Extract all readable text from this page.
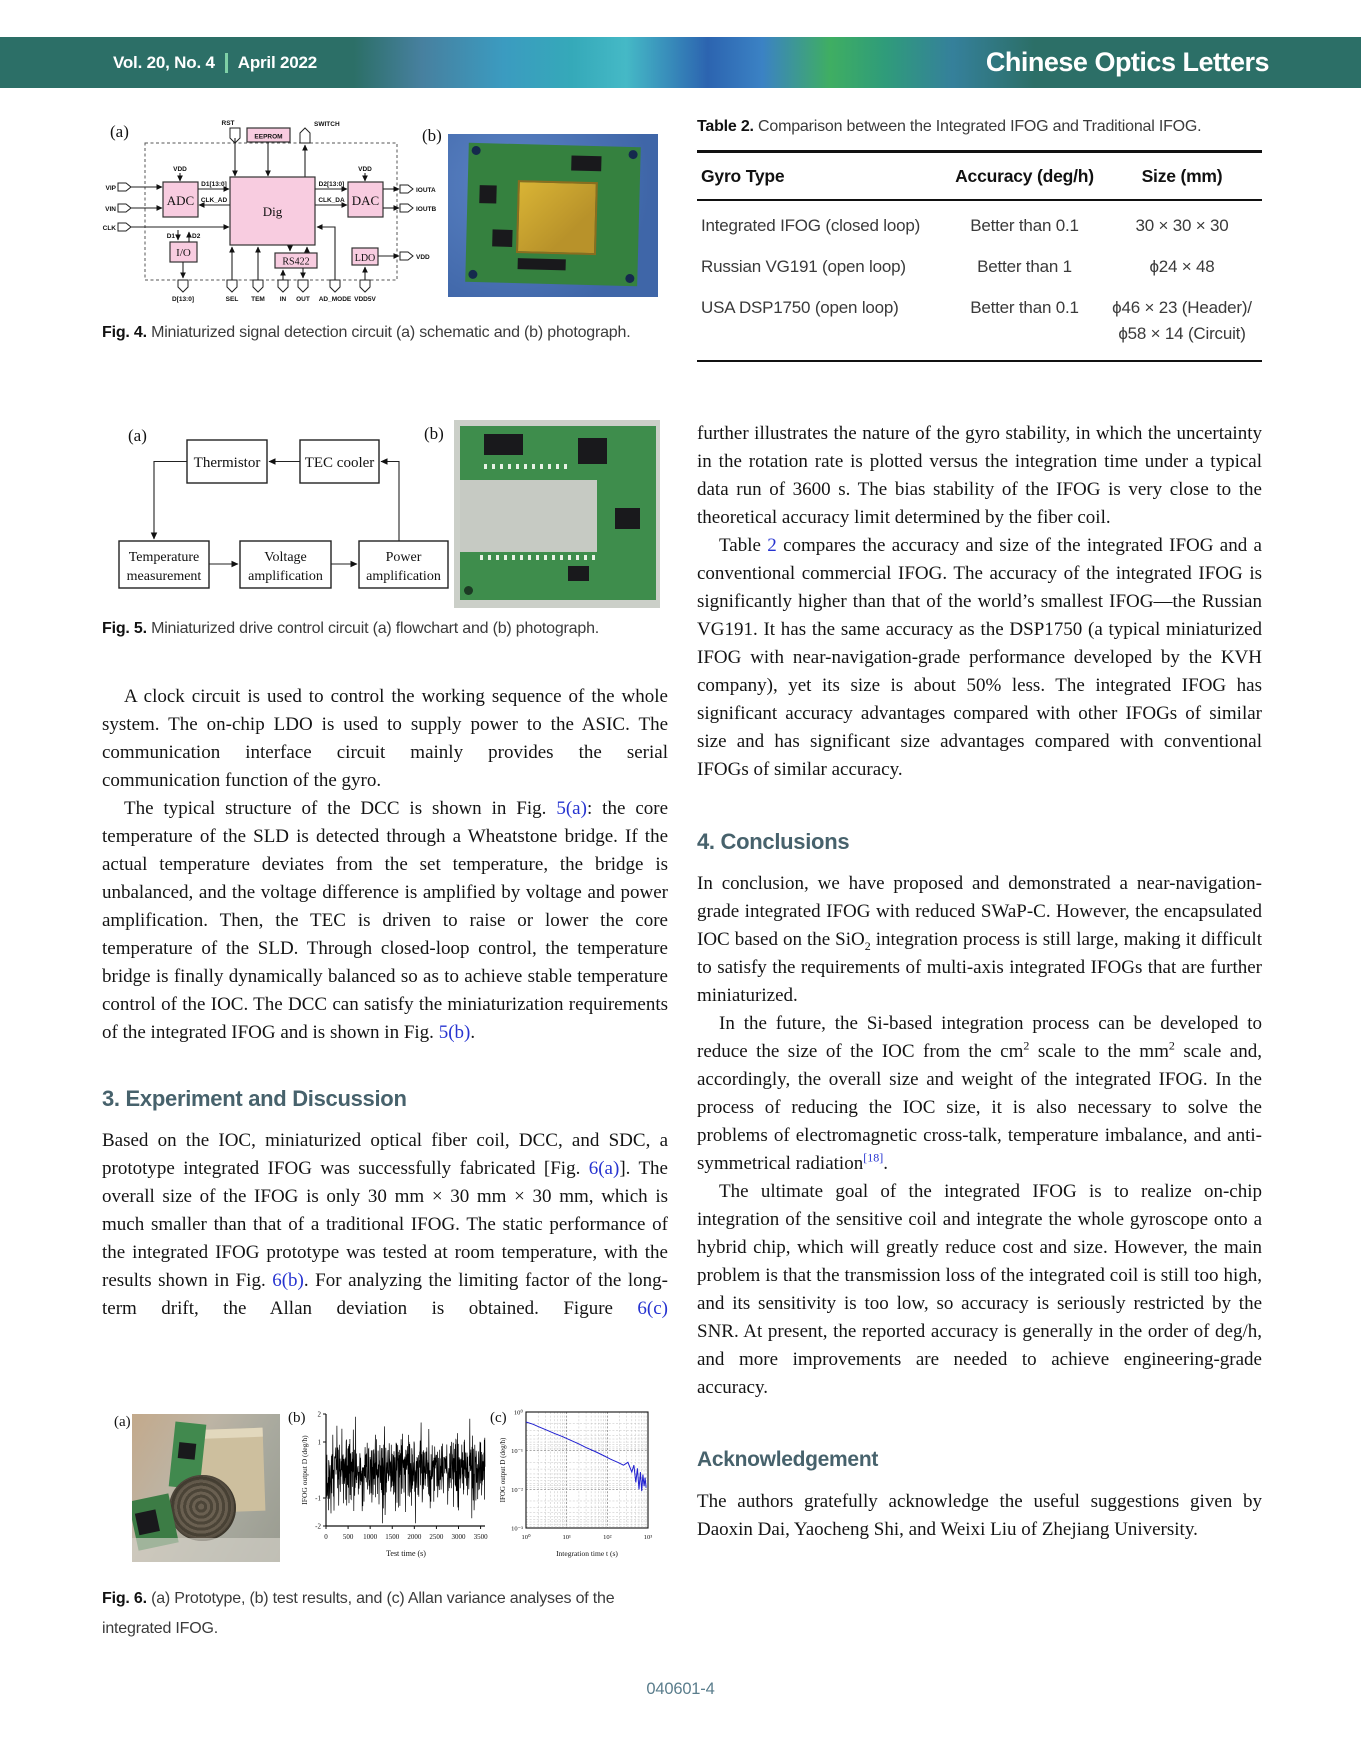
Vol. 20, No. 4 April 2022	Chinese Optics Letters
(a)	EEPROM
RST	SWITCH
ADC
Dig
DAC
I/O
RS422	LDO
VDD	VDD
VIP
VIN
CLK
D1[13:0]
CLK_AD
D2[13:0]
CLK_DA
IOUTA
IOUTB
VDD
D1	D2
D[13:0]	SEL TEM IN OUT AD_MODE VDD5V
(b)
Fig. 4. Miniaturized signal detection circuit (a) schematic and (b) photograph.
(a)
Thermistor	TEC cooler
Temperature
measurement
Voltage
amplification
Power
amplification
(b)
Fig. 5. Miniaturized drive control circuit (a) flowchart and (b) photograph.

A clock circuit is used to control the working sequence of the whole system. The on-chip LDO is used to supply power to the ASIC. The communication interface circuit mainly provides the serial communication function of the gyro.

The typical structure of the DCC is shown in Fig. 5(a): the core temperature of the SLD is detected through a Wheatstone bridge. If the actual temperature deviates from the set temperature, the bridge is unbalanced, and the voltage difference is amplified by voltage and power amplification. Then, the TEC is driven to raise or lower the core temperature of the SLD. Through closed-loop control, the temperature bridge is finally dynamically balanced so as to achieve stable temperature control of the IOC. The DCC can satisfy the miniaturization requirements of the integrated IFOG and is shown in Fig. 5(b).

3. Experiment and Discussion

Based on the IOC, miniaturized optical fiber coil, DCC, and SDC, a prototype integrated IFOG was successfully fabricated [Fig. 6(a)]. The overall size of the IFOG is only 30 mm × 30 mm × 30 mm, which is much smaller than that of a traditional IFOG. The static performance of the integrated IFOG prototype was tested at room temperature, with the results shown in Fig. 6(b). For analyzing the limiting factor of the long-term drift, the Allan deviation is obtained. Figure 6(c)

(a)	(b) 2
1
-1
-2
0 500 1000 1500 2000 2500 3000 3500
Test time (s)
IFOG output D (deg/h)
(c)
10⁰	10¹	10²	10³
10⁰
10⁻¹
10⁻²
10⁻³
Integration time t (s)
IFOG output D (deg/h)
Fig. 6. (a) Prototype, (b) test results, and (c) Allan variance analyses of the integrated IFOG.
Table 2. Comparison between the Integrated IFOG and Traditional IFOG.
Gyro Type	Accuracy (deg/h)	Size (mm)
Integrated IFOG (closed loop)	Better than 0.1	30 × 30 × 30
Russian VG191 (open loop)	Better than 1	ϕ24 × 48
USA DSP1750 (open loop)	Better than 0.1	ϕ46 × 23 (Header)/
ϕ58 × 14 (Circuit)

further illustrates the nature of the gyro stability, in which the uncertainty in the rotation rate is plotted versus the integration time under a typical data run of 3600 s. The bias stability of the IFOG is very close to the theoretical accuracy limit determined by the fiber coil.

Table 2 compares the accuracy and size of the integrated IFOG and a conventional commercial IFOG. The accuracy of the integrated IFOG is significantly higher than that of the world’s smallest IFOG—the Russian VG191. It has the same accuracy as the DSP1750 (a typical miniaturized IFOG with near-navigation-grade performance developed by the KVH company), yet its size is about 50% less. The integrated IFOG has significant accuracy advantages compared with other IFOGs of similar size and has significant size advantages compared with conventional IFOGs of similar accuracy.

4. Conclusions

In conclusion, we have proposed and demonstrated a near-navigation-grade integrated IFOG with reduced SWaP-C. However, the encapsulated IOC based on the SiO$_2$ integration process is still large, making it difficult to satisfy the requirements of multi-axis integrated IFOGs that are further miniaturized.

In the future, the Si-based integration process can be developed to reduce the size of the IOC from the $cm^2$ scale to the $mm^2$ scale and, accordingly, the overall size and weight of the integrated IFOG. In the process of reducing the IOC size, it is also necessary to solve the problems of electromagnetic cross-talk, temperature imbalance, and anti-symmetrical radiation[18].

The ultimate goal of the integrated IFOG is to realize on-chip integration of the sensitive coil and integrate the whole gyroscope onto a hybrid chip, which will greatly reduce cost and size. However, the main problem is that the transmission loss of the integrated coil is still too high, and its sensitivity is too low, so accuracy is seriously restricted by the SNR. At present, the reported accuracy is generally in the order of deg/h, and more improvements are needed to achieve engineering-grade accuracy.

Acknowledgement

The authors gratefully acknowledge the useful suggestions given by Daoxin Dai, Yaocheng Shi, and Weixi Liu of Zhejiang University.

040601-4
